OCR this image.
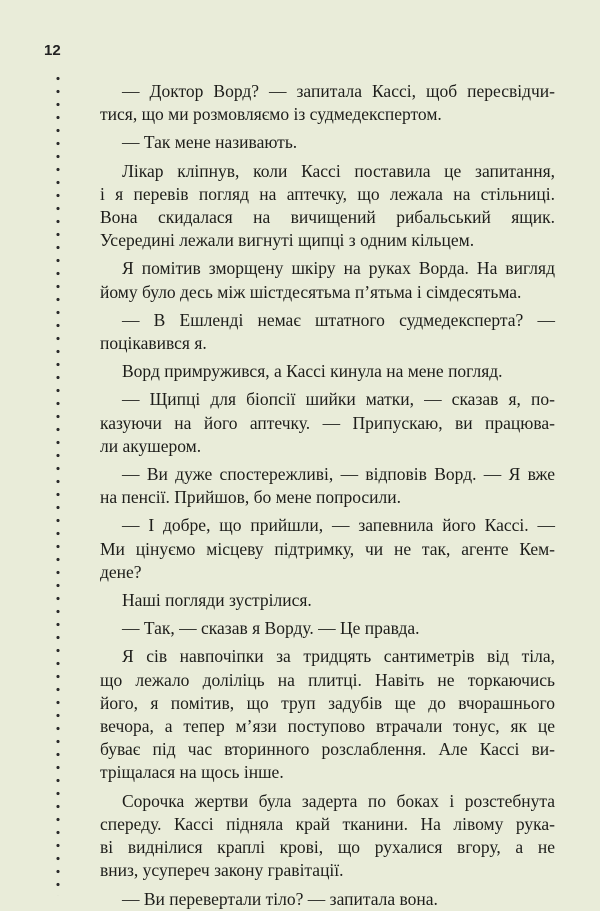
12
— Доктор Ворд? — запитала Кассі, щоб пересвідчи-
тися, що ми розмовляємо із судмедекспертом.
— Так мене називають.
Лікар кліпнув, коли Кассі поставила це запитання,
і я перевів погляд на аптечку, що лежала на стільниці.
Вона скидалася на вичищений рибальський ящик.
Усередині лежали вигнуті щипці з одним кільцем.
Я помітив зморщену шкіру на руках Ворда. На вигляд
йому було десь між шістдесятьма п’ятьма і сімдесятьма.
— В Ешленді немає штатного судмедексперта? —
поцікавився я.
Ворд примружився, а Кассі кинула на мене погляд.
— Щипці для біопсії шийки матки, — сказав я, по-
казуючи на його аптечку. — Припускаю, ви працюва-
ли акушером.
— Ви дуже спостережливі, — відповів Ворд. — Я вже
на пенсії. Прийшов, бо мене попросили.
— І добре, що прийшли, — запевнила його Кассі. —
Ми цінуємо місцеву підтримку, чи не так, агенте Кем-
дене?
Наші погляди зустрілися.
— Так, — сказав я Ворду. — Це правда.
Я сів навпочіпки за тридцять сантиметрів від тіла,
що лежало доліліць на плитці. Навіть не торкаючись
його, я помітив, що труп задубів ще до вчорашнього
вечора, а тепер м’язи поступово втрачали тонус, як це
буває під час вторинного розслаблення. Але Кассі ви-
тріщалася на щось інше.
Сорочка жертви була задерта по боках і розстебнута
спереду. Кассі підняла край тканини. На лівому рука-
ві виднілися краплі крові, що рухалися вгору, а не
вниз, усупереч закону гравітації.
— Ви перевертали тіло? — запитала вона.
